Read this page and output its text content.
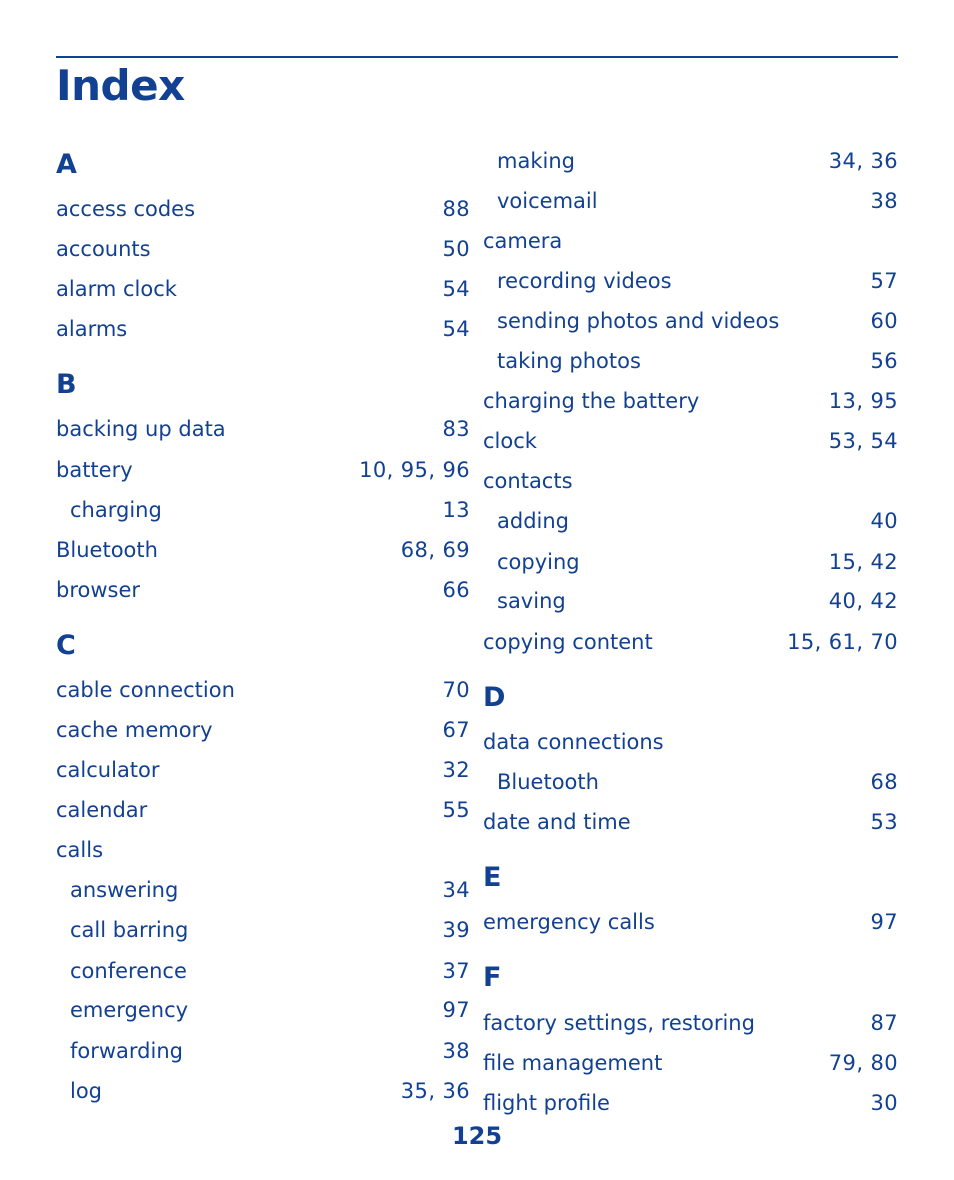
Index
A
access codes	88
accounts	50
alarm clock	54
alarms	54
B
backing up data	83
battery	10, 95, 96
charging	13
Bluetooth	68, 69
browser	66
C
cable connection	70
cache memory	67
calculator	32
calendar	55
calls
answering	34
call barring	39
conference	37
emergency	97
forwarding	38
log	35, 36
making	34, 36
voicemail	38
camera
recording videos	57
sending photos and videos	60
taking photos	56
charging the battery	13, 95
clock	53, 54
contacts
adding	40
copying	15, 42
saving	40, 42
copying content	15, 61, 70
D
data connections
Bluetooth	68
date and time	53
E
emergency calls	97
F
factory settings, restoring	87
file management	79, 80
flight profile	30
125
